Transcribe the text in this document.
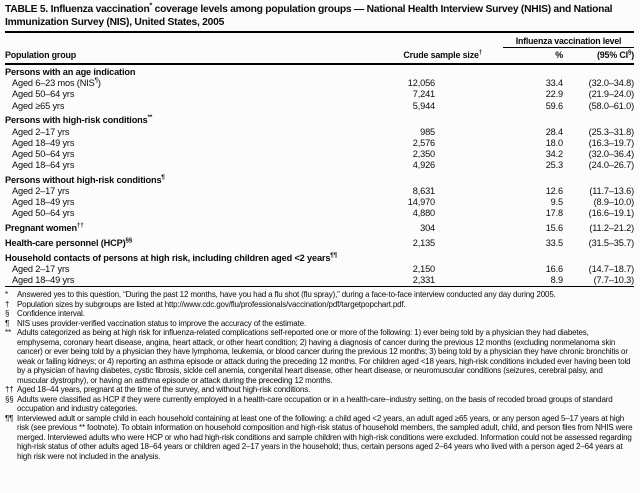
TABLE 5. Influenza vaccination* coverage levels among population groups — National Health Interview Survey (NHIS) and National Immunization Survey (NIS), United States, 2005
Influenza vaccination level
Population group	Crude sample size†	%	(95% CI§)
Persons with an age indication
Aged 6–23 mos (NIS¶)	12,056	33.4	(32.0–34.8)
Aged 50–64 yrs	7,241	22.9	(21.9–24.0)
Aged ≥65 yrs	5,944	59.6	(58.0–61.0)
Persons with high-risk conditions**
Aged 2–17 yrs	985	28.4	(25.3–31.8)
Aged 18–49 yrs	2,576	18.0	(16.3–19.7)
Aged 50–64 yrs	2,350	34.2	(32.0–36.4)
Aged 18–64 yrs	4,926	25.3	(24.0–26.7)
Persons without high-risk conditions¶
Aged 2–17 yrs	8,631	12.6	(11.7–13.6)
Aged 18–49 yrs	14,970	9.5	(8.9–10.0)
Aged 50–64 yrs	4,880	17.8	(16.6–19.1)
Pregnant women††	304	15.6	(11.2–21.2)
Health-care personnel (HCP)§§	2,135	33.5	(31.5–35.7)
Household contacts of persons at high risk, including children aged <2 years¶¶
Aged 2–17 yrs	2,150	16.6	(14.7–18.7)
Aged 18–49 yrs	2,331	8.9	(7.7–10.3)
*	Answered yes to this question, “During the past 12 months, have you had a flu shot (flu spray),” during a face-to-face interview conducted any day during 2005.
† Population sizes by subgroups are listed at http://www.cdc.gov/flu/professionals/vaccination/pdf/targetpopchart.pdf.
§ Confidence interval.
¶ NIS uses provider-verified vaccination status to improve the accuracy of the estimate.
** Adults categorized as being at high risk for influenza-related complications self-reported one or more of the following: 1) ever being told by a physician they had diabetes, emphysema, coronary heart disease, angina, heart attack, or other heart condition; 2) having a diagnosis of cancer during the previous 12 months (excluding nonmelanoma skin cancer) or ever being told by a physician they have lymphoma, leukemia, or blood cancer during the previous 12 months; 3) being told by a physician they have chronic bronchitis or weak or failing kidneys; or 4) reporting an asthma episode or attack during the preceding 12 months. For children aged <18 years, high-risk conditions included ever having been told by a physician of having diabetes, cystic fibrosis, sickle cell anemia, congenital heart disease, other heart disease, or neuromuscular conditions (seizures, cerebral palsy, and muscular dystrophy), or having an asthma episode or attack during the preceding 12 months.
†† Aged 18–44 years, pregnant at the time of the survey, and without high-risk conditions.
§§ Adults were classified as HCP if they were currently employed in a health-care occupation or in a health-care–industry setting, on the basis of recoded broad groups of standard occupation and industry categories.
¶¶ Interviewed adult or sample child in each household containing at least one of the following: a child aged <2 years, an adult aged ≥65 years, or any person aged 5–17 years at high risk (see previous ** footnote). To obtain information on household composition and high-risk status of household members, the sampled adult, child, and person files from NHIS were merged. Interviewed adults who were HCP or who had high-risk conditions and sample children with high-risk conditions were excluded. Information could not be assessed regarding high-risk status of other adults aged 18–64 years or children aged 2–17 years in the household; thus, certain persons aged 2–64 years who lived with a person aged 2–64 years at high risk were not included in the analysis.
